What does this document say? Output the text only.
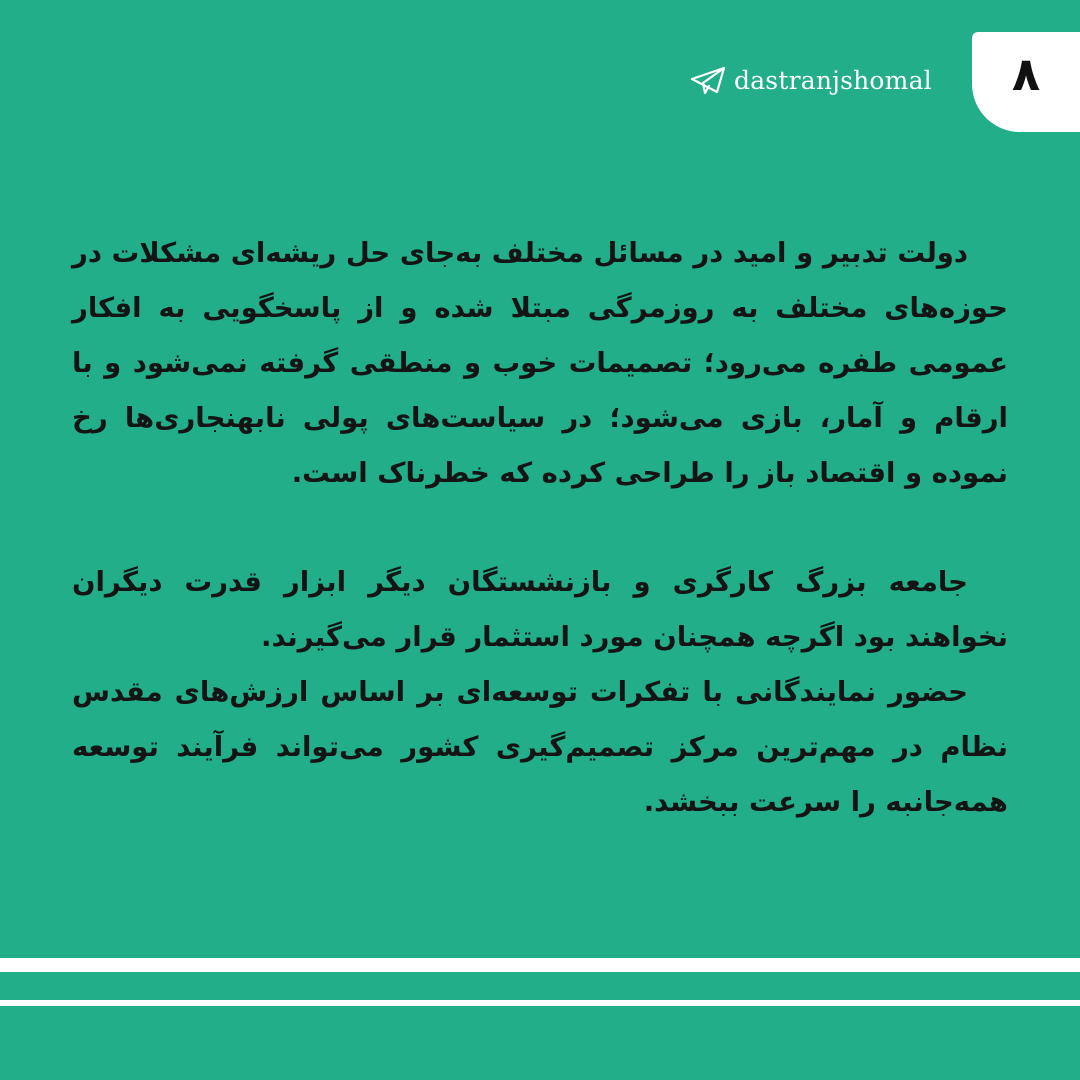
۸
dastranjshomal

دولت تدبیر و امید در مسائل مختلف به‌جای حل ریشه‌ای مشکلات در حوزه‌های مختلف به روزمرگی مبتلا شده و از پاسخگویی به افکار عمومی طفره می‌رود؛ تصمیمات خوب و منطقی گرفته نمی‌شود و با ارقام و آمار، بازی می‌شود؛ در سیاست‌های پولی نابهنجاری‌ها رخ نموده و اقتصاد باز را طراحی کرده که خطرناک است.

جامعه بزرگ کارگری و بازنشستگان دیگر ابزار قدرت دیگران نخواهند بود اگرچه همچنان مورد استثمار قرار می‌گیرند.

حضور نمایندگانی با تفکرات توسعه‌ای بر اساس ارزش‌های مقدس نظام در مهم‌ترین مرکز تصمیم‌گیری کشور می‌تواند فرآیند توسعه همه‌جانبه را سرعت ببخشد.
